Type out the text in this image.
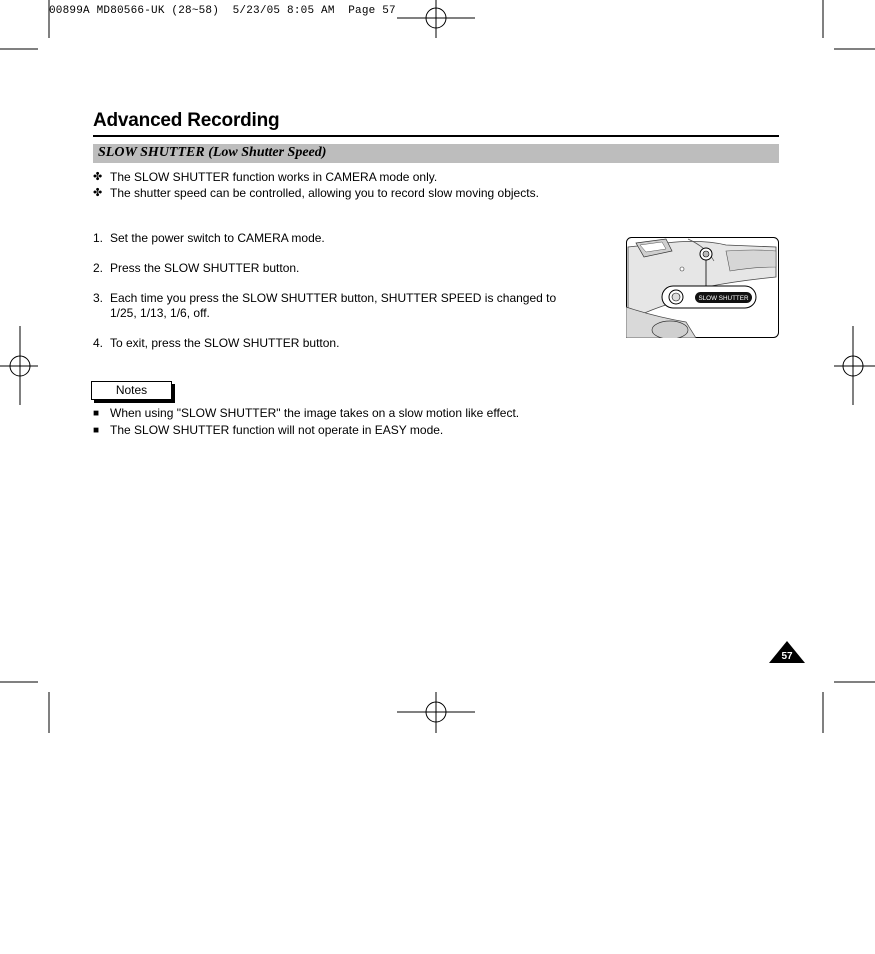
00899A MD80566-UK (28~58)  5/23/05 8:05 AM  Page 57
Advanced Recording
SLOW SHUTTER (Low Shutter Speed)
✤ The SLOW SHUTTER function works in CAMERA mode only.
✤ The shutter speed can be controlled, allowing you to record slow moving objects.
1. Set the power switch to CAMERA mode.
2. Press the SLOW SHUTTER button.
3. Each time you press the SLOW SHUTTER button, SHUTTER SPEED is changed to 1/25, 1/13, 1/6, off.
4. To exit, press the SLOW SHUTTER button.
SLOW SHUTTER
Notes
■ When using "SLOW SHUTTER" the image takes on a slow motion like effect.
■ The SLOW SHUTTER function will not operate in EASY mode.
57
